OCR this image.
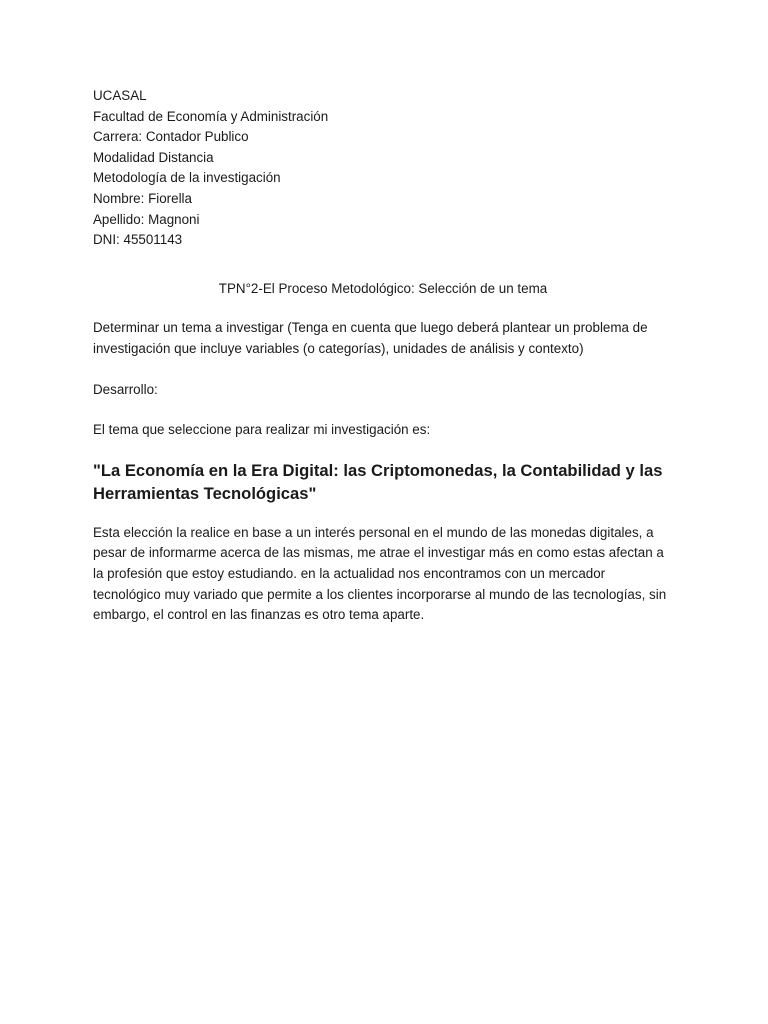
UCASAL
Facultad de Economía y Administración
Carrera: Contador Publico
Modalidad Distancia
Metodología de la investigación
Nombre: Fiorella
Apellido: Magnoni
DNI: 45501143

TPN°2-El Proceso Metodológico: Selección de un tema

Determinar un tema a investigar (Tenga en cuenta que luego deberá plantear un problema de investigación que incluye variables (o categorías), unidades de análisis y contexto)

Desarrollo:

El tema que seleccione para realizar mi investigación es:

"La Economía en la Era Digital: las Criptomonedas, la Contabilidad y las Herramientas Tecnológicas"

Esta elección la realice en base a un interés personal en el mundo de las monedas digitales, a pesar de informarme acerca de las mismas, me atrae el investigar más en como estas afectan a la profesión que estoy estudiando. en la actualidad nos encontramos con un mercador tecnológico muy variado que permite a los clientes incorporarse al mundo de las tecnologías, sin embargo, el control en las finanzas es otro tema aparte.
